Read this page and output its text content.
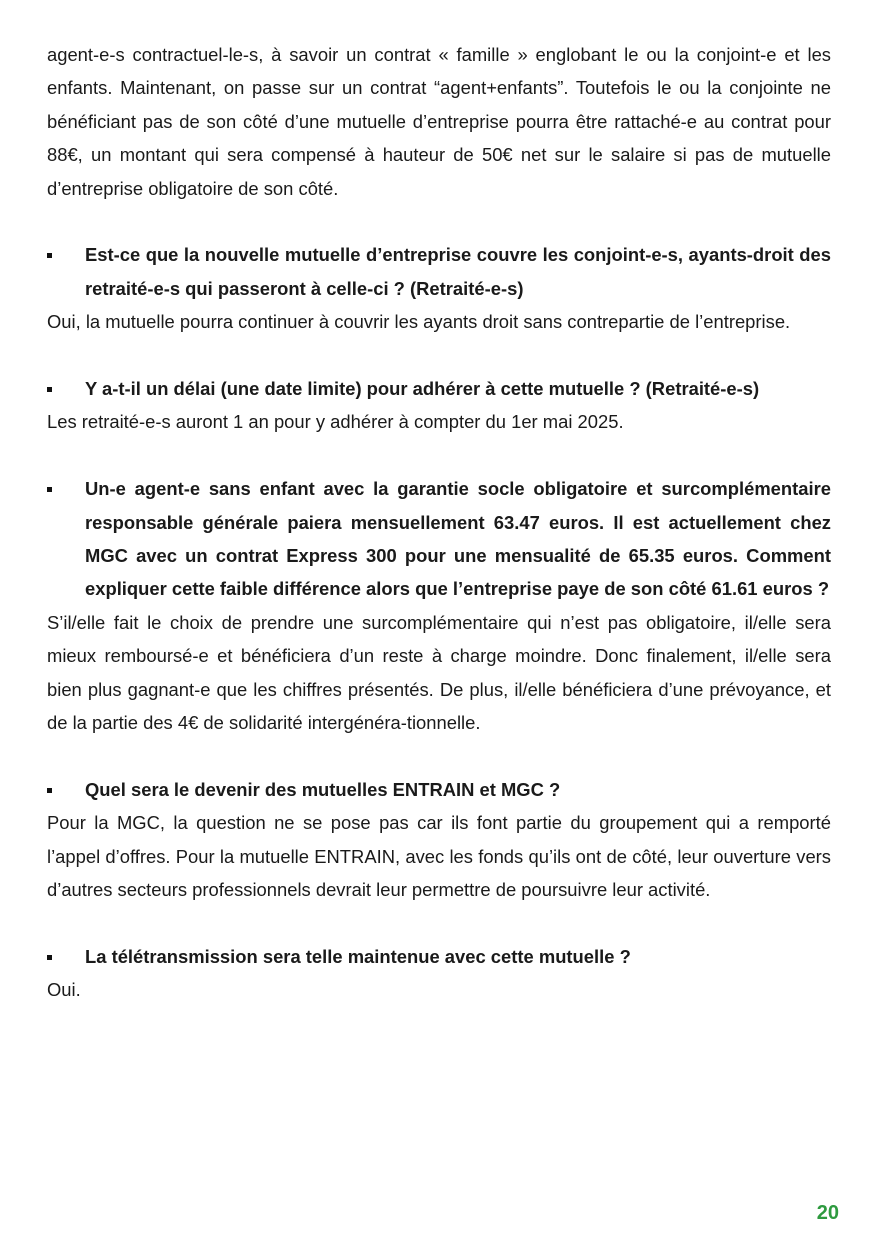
agent-e-s contractuel-le-s, à savoir un contrat « famille » englobant le ou la conjoint-e et les enfants. Maintenant, on passe sur un contrat “agent+enfants”. Toutefois le ou la conjointe ne bénéficiant pas de son côté d’une mutuelle d’entreprise pourra être rattaché-e au contrat pour 88€, un montant qui sera compensé à hauteur de 50€ net sur le salaire si pas de mutuelle d’entreprise obligatoire de son côté.

Est-ce que la nouvelle mutuelle d’entreprise couvre les conjoint-e-s, ayants-droit des retraité-e-s qui passeront à celle-ci ? (Retraité-e-s)

Oui, la mutuelle pourra continuer à couvrir les ayants droit sans contrepartie de l’entreprise.

Y a-t-il un délai (une date limite) pour adhérer à cette mutuelle ? (Retraité-e-s)

Les retraité-e-s auront 1 an pour y adhérer à compter du 1er mai 2025.

Un-e agent-e sans enfant avec la garantie socle obligatoire et surcomplémentaire responsable générale paiera mensuellement 63.47 euros. Il est actuellement chez MGC avec un contrat Express 300 pour une mensualité de 65.35 euros. Comment expliquer cette faible différence alors que l’entreprise paye de son côté 61.61 euros ?

S’il/elle fait le choix de prendre une surcomplémentaire qui n’est pas obligatoire, il/elle sera mieux remboursé-e et bénéficiera d’un reste à charge moindre. Donc finalement, il/elle sera bien plus gagnant-e que les chiffres présentés. De plus, il/elle bénéficiera d’une prévoyance, et de la partie des 4€ de solidarité intergénéra-tionnelle.

Quel sera le devenir des mutuelles ENTRAIN et MGC ?

Pour la MGC, la question ne se pose pas car ils font partie du groupement qui a remporté l’appel d’offres. Pour la mutuelle ENTRAIN, avec les fonds qu’ils ont de côté, leur ouverture vers d’autres secteurs professionnels devrait leur permettre de poursuivre leur activité.

La télétransmission sera telle maintenue avec cette mutuelle ?

Oui.

20
